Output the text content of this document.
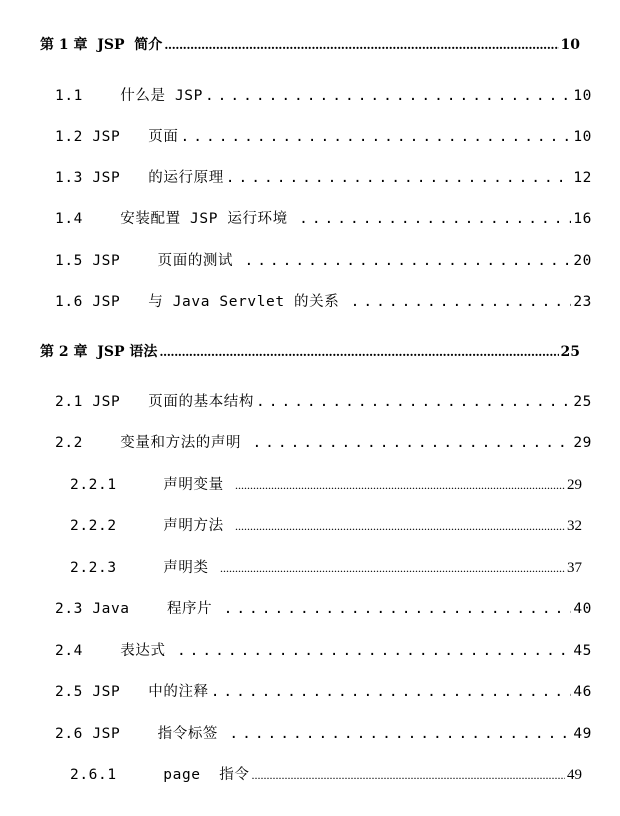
第 1 章  JSP  简介 .....	10
1.1    什么是 JSP .....	10
1.2 JSP   页面 .....	10
1.3 JSP   的运行原理 .....	12
1.4    安装配置 JSP 运行环境 .....	16
1.5 JSP    页面的测试 .....	20
1.6 JSP   与 Java Servlet 的关系 .....	23
第 2 章  JSP 语法 .....	25
2.1 JSP   页面的基本结构 .....	25
2.2    变量和方法的声明 .....	29
2.2.1     声明变量 .....	29
2.2.2     声明方法 .....	32
2.2.3     声明类 .....	37
2.3 Java    程序片 .....	40
2.4    表达式 .....	45
2.5 JSP   中的注释 .....	46
2.6 JSP    指令标签 .....	49
2.6.1     page  指令 .....	49
